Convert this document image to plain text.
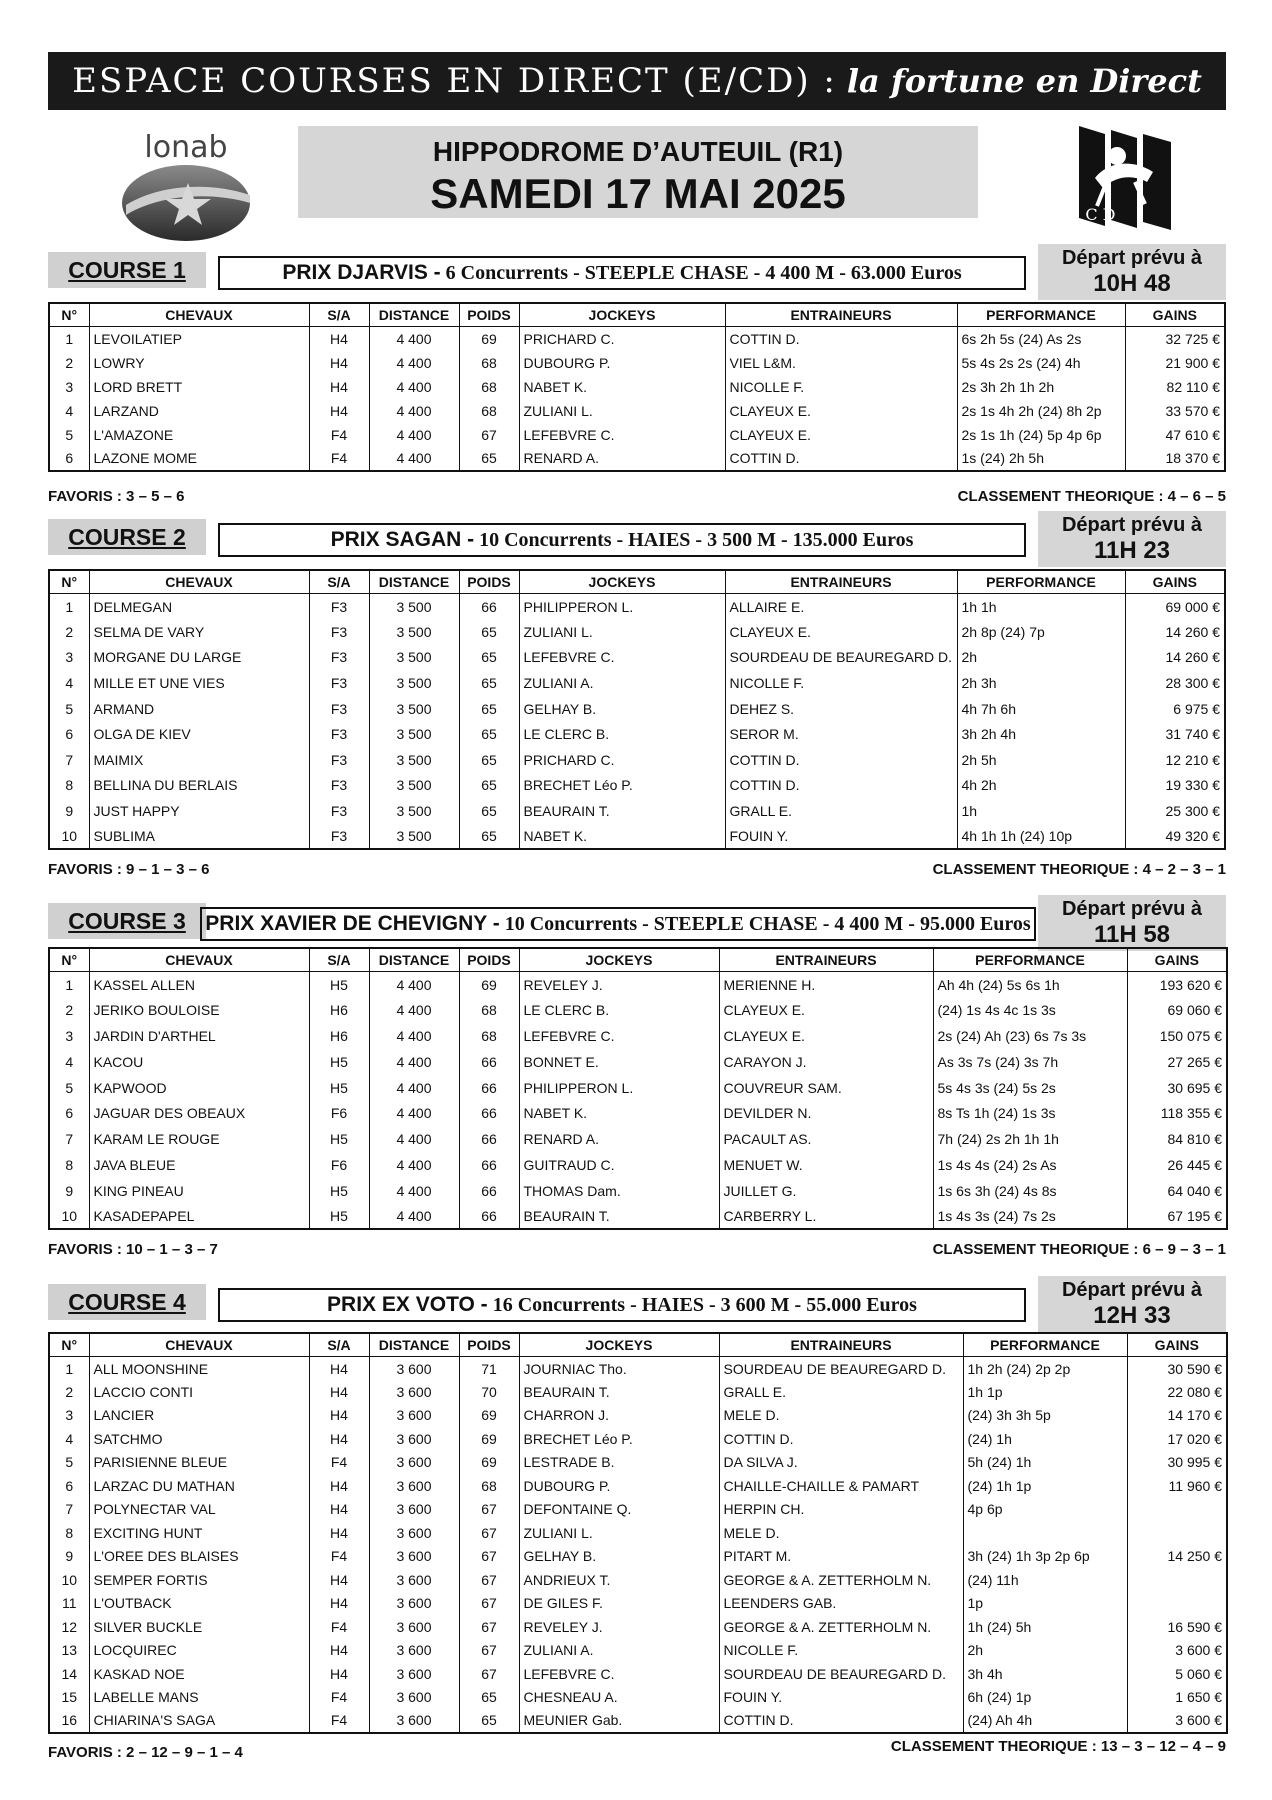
ESPACE COURSES EN DIRECT (E/CD) : la fortune en Direct
lonab	HIPPODROME D’AUTEUIL (R1)
SAMEDI 17 MAI 2025	E C D
COURSE 1	PRIX DJARVIS -
6 Concurrents - STEEPLE CHASE - 4 400 M - 63.000 Euros
Départ prévu à
10H 48
N°	CHEVAUX	S/A	DISTANCE	POIDS	JOCKEYS	ENTRAINEURS	PERFORMANCE	GAINS
1	LEVOILATIEP	H4	4 400	69	PRICHARD C.	COTTIN D.	6s 2h 5s (24) As 2s	32 725 €
2	LOWRY	H4	4 400	68	DUBOURG P.	VIEL L&M.	5s 4s 2s 2s (24) 4h	21 900 €
3	LORD BRETT	H4	4 400	68	NABET K.	NICOLLE F.	2s 3h 2h 1h 2h	82 110 €
4	LARZAND	H4	4 400	68	ZULIANI L.	CLAYEUX E.	2s 1s 4h 2h (24) 8h 2p	33 570 €
5	L'AMAZONE	F4	4 400	67	LEFEBVRE C.	CLAYEUX E.	2s 1s 1h (24) 5p 4p 6p	47 610 €
6	LAZONE MOME	F4	4 400	65	RENARD A.	COTTIN D.	1s (24) 2h 5h	18 370 €
FAVORIS : 3 – 5 – 6	CLASSEMENT THEORIQUE : 4 – 6 – 5
COURSE 2	PRIX SAGAN -
10 Concurrents - HAIES - 3 500 M - 135.000 Euros
Départ prévu à
11H 23
N°	CHEVAUX	S/A	DISTANCE	POIDS	JOCKEYS	ENTRAINEURS	PERFORMANCE	GAINS
1	DELMEGAN	F3	3 500	66	PHILIPPERON L.	ALLAIRE E.	1h 1h	69 000 €
2	SELMA DE VARY	F3	3 500	65	ZULIANI L.	CLAYEUX E.	2h 8p (24) 7p	14 260 €
3	MORGANE DU LARGE	F3	3 500	65	LEFEBVRE C.	SOURDEAU DE BEAUREGARD D.	2h	14 260 €
4	MILLE ET UNE VIES	F3	3 500	65	ZULIANI A.	NICOLLE F.	2h 3h	28 300 €
5	ARMAND	F3	3 500	65	GELHAY B.	DEHEZ S.	4h 7h 6h	6 975 €
6	OLGA DE KIEV	F3	3 500	65	LE CLERC B.	SEROR M.	3h 2h 4h	31 740 €
7	MAIMIX	F3	3 500	65	PRICHARD C.	COTTIN D.	2h 5h	12 210 €
8	BELLINA DU BERLAIS	F3	3 500	65	BRECHET Léo P.	COTTIN D.	4h 2h	19 330 €
9	JUST HAPPY	F3	3 500	65	BEAURAIN T.	GRALL E.	1h	25 300 €
10	SUBLIMA	F3	3 500	65	NABET K.	FOUIN Y.	4h 1h 1h (24) 10p	49 320 €
FAVORIS : 9 – 1 – 3 – 6	CLASSEMENT THEORIQUE : 4 – 2 – 3 – 1
COURSE 3 PRIX XAVIER DE CHEVIGNY -
10 Concurrents - STEEPLE CHASE - 4 400 M - 95.000 Euros
Départ prévu à
11H 58
N°	CHEVAUX	S/A	DISTANCE	POIDS	JOCKEYS	ENTRAINEURS	PERFORMANCE	GAINS
1	KASSEL ALLEN	H5	4 400	69	REVELEY J.	MERIENNE H.	Ah 4h (24) 5s 6s 1h	193 620 €
2	JERIKO BOULOISE	H6	4 400	68	LE CLERC B.	CLAYEUX E.	(24) 1s 4s 4c 1s 3s	69 060 €
3	JARDIN D'ARTHEL	H6	4 400	68	LEFEBVRE C.	CLAYEUX E.	2s (24) Ah (23) 6s 7s 3s	150 075 €
4	KACOU	H5	4 400	66	BONNET E.	CARAYON J.	As 3s 7s (24) 3s 7h	27 265 €
5	KAPWOOD	H5	4 400	66	PHILIPPERON L.	COUVREUR SAM.	5s 4s 3s (24) 5s 2s	30 695 €
6	JAGUAR DES OBEAUX	F6	4 400	66	NABET K.	DEVILDER N.	8s Ts 1h (24) 1s 3s	118 355 €
7	KARAM LE ROUGE	H5	4 400	66	RENARD A.	PACAULT AS.	7h (24) 2s 2h 1h 1h	84 810 €
8	JAVA BLEUE	F6	4 400	66	GUITRAUD C.	MENUET W.	1s 4s 4s (24) 2s As	26 445 €
9	KING PINEAU	H5	4 400	66	THOMAS Dam.	JUILLET G.	1s 6s 3h (24) 4s 8s	64 040 €
10	KASADEPAPEL	H5	4 400	66	BEAURAIN T.	CARBERRY L.	1s 4s 3s (24) 7s 2s	67 195 €
FAVORIS : 10 – 1 – 3 – 7	CLASSEMENT THEORIQUE : 6 – 9 – 3 – 1
COURSE 4	PRIX EX VOTO -
16 Concurrents - HAIES - 3 600 M - 55.000 Euros
Départ prévu à
12H 33
N°	CHEVAUX	S/A	DISTANCE	POIDS	JOCKEYS	ENTRAINEURS	PERFORMANCE	GAINS
1	ALL MOONSHINE	H4	3 600	71	JOURNIAC Tho.	SOURDEAU DE BEAUREGARD D.	1h 2h (24) 2p 2p	30 590 €
2	LACCIO CONTI	H4	3 600	70	BEAURAIN T.	GRALL E.	1h 1p	22 080 €
3	LANCIER	H4	3 600	69	CHARRON J.	MELE D.	(24) 3h 3h 5p	14 170 €
4	SATCHMO	H4	3 600	69	BRECHET Léo P.	COTTIN D.	(24) 1h	17 020 €
5	PARISIENNE BLEUE	F4	3 600	69	LESTRADE B.	DA SILVA J.	5h (24) 1h	30 995 €
6	LARZAC DU MATHAN	H4	3 600	68	DUBOURG P.	CHAILLE-CHAILLE & PAMART	(24) 1h 1p	11 960 €
7	POLYNECTAR VAL	H4	3 600	67	DEFONTAINE Q.	HERPIN CH.	4p 6p	
8	EXCITING HUNT	H4	3 600	67	ZULIANI L.	MELE D.		
9	L'OREE DES BLAISES	F4	3 600	67	GELHAY B.	PITART M.	3h (24) 1h 3p 2p 6p	14 250 €
10	SEMPER FORTIS	H4	3 600	67	ANDRIEUX T.	GEORGE & A. ZETTERHOLM N.	(24) 11h	
11	L'OUTBACK	H4	3 600	67	DE GILES F.	LEENDERS GAB.	1p	
12	SILVER BUCKLE	F4	3 600	67	REVELEY J.	GEORGE & A. ZETTERHOLM N.	1h (24) 5h	16 590 €
13	LOCQUIREC	H4	3 600	67	ZULIANI A.	NICOLLE F.	2h	3 600 €
14	KASKAD NOE	H4	3 600	67	LEFEBVRE C.	SOURDEAU DE BEAUREGARD D.	3h 4h	5 060 €
15	LABELLE MANS	F4	3 600	65	CHESNEAU A.	FOUIN Y.	6h (24) 1p	1 650 €
16	CHIARINA'S SAGA	F4	3 600	65	MEUNIER Gab.	COTTIN D.	(24) Ah 4h	3 600 €
FAVORIS : 2 – 12 – 9 – 1 – 4	CLASSEMENT THEORIQUE : 13 – 3 – 12 – 4 – 9
